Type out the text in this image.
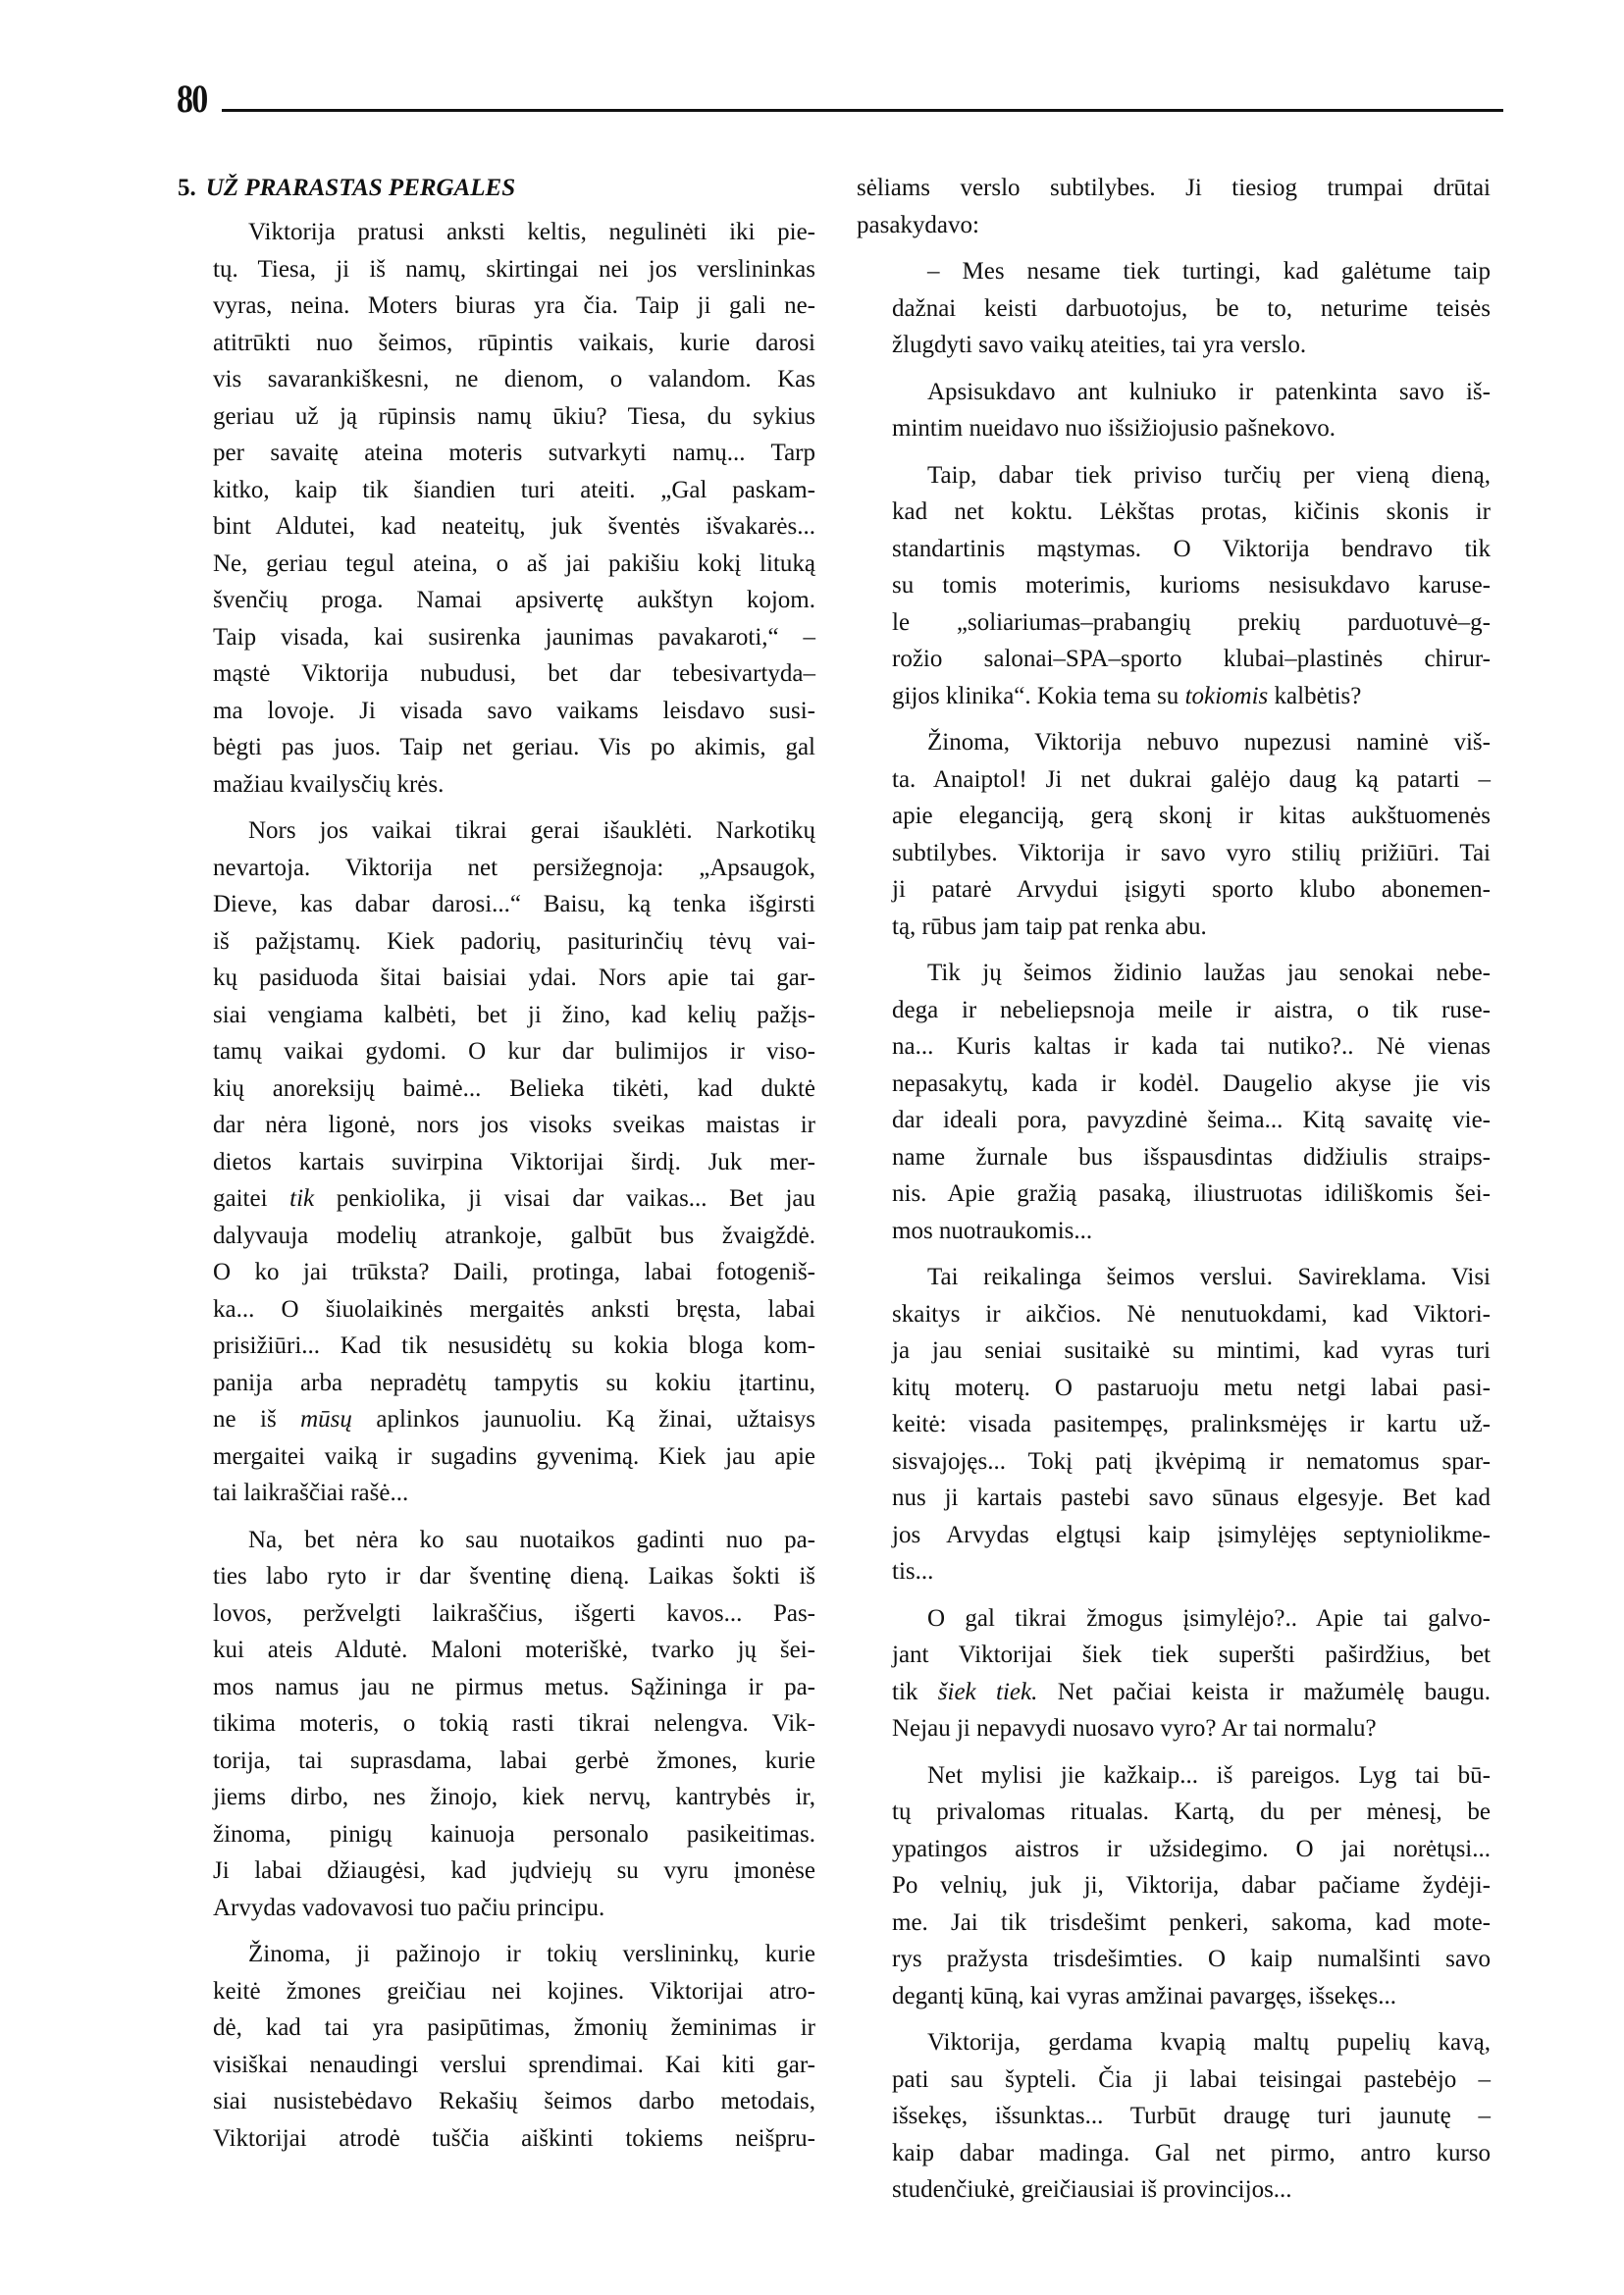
80
5. UŽ PRARASTAS PERGALES

Viktorija pratusi anksti keltis, negulinėti iki pie-
tų. Tiesa, ji iš namų, skirtingai nei jos verslininkas
vyras, neina. Moters biuras yra čia. Taip ji gali ne-
atitrūkti nuo šeimos, rūpintis vaikais, kurie darosi
vis savarankiškesni, ne dienom, o valandom. Kas
geriau už ją rūpinsis namų ūkiu? Tiesa, du sykius
per savaitę ateina moteris sutvarkyti namų... Tarp
kitko, kaip tik šiandien turi ateiti. „Gal paskam-
bint Aldutei, kad neateitų, juk šventės išvakarės...
Ne, geriau tegul ateina, o aš jai pakišiu kokį lituką
švenčių proga. Namai apsivertę aukštyn kojom.
Taip visada, kai susirenka jaunimas pavakaroti,“ –
mąstė Viktorija nubudusi, bet dar tebesivartyda–
ma lovoje. Ji visada savo vaikams leisdavo susi-
bėgti pas juos. Taip net geriau. Vis po akimis, gal
mažiau kvailysčių krės.

Nors jos vaikai tikrai gerai išauklėti. Narkotikų
nevartoja. Viktorija net persižegnoja: „Apsaugok,
Dieve, kas dabar darosi...“ Baisu, ką tenka išgirsti
iš pažįstamų. Kiek padorių, pasiturinčių tėvų vai-
kų pasiduoda šitai baisiai ydai. Nors apie tai gar-
siai vengiama kalbėti, bet ji žino, kad kelių pažįs-
tamų vaikai gydomi. O kur dar bulimijos ir viso-
kių anoreksijų baimė... Belieka tikėti, kad duktė
dar nėra ligonė, nors jos visoks sveikas maistas ir
dietos kartais suvirpina Viktorijai širdį. Juk mer-
gaitei tik penkiolika, ji visai dar vaikas... Bet jau
dalyvauja modelių atrankoje, galbūt bus žvaigždė.
O ko jai trūksta? Daili, protinga, labai fotogeniš-
ka... O šiuolaikinės mergaitės anksti bręsta, labai
prisižiūri... Kad tik nesusidėtų su kokia bloga kom-
panija arba nepradėtų tampytis su kokiu įtartinu,
ne iš mūsų aplinkos jaunuoliu. Ką žinai, užtaisys
mergaitei vaiką ir sugadins gyvenimą. Kiek jau apie
tai laikraščiai rašė...

Na, bet nėra ko sau nuotaikos gadinti nuo pa-
ties labo ryto ir dar šventinę dieną. Laikas šokti iš
lovos, peržvelgti laikraščius, išgerti kavos... Pas-
kui ateis Aldutė. Maloni moteriškė, tvarko jų šei-
mos namus jau ne pirmus metus. Sąžininga ir pa-
tikima moteris, o tokią rasti tikrai nelengva. Vik-
torija, tai suprasdama, labai gerbė žmones, kurie
jiems dirbo, nes žinojo, kiek nervų, kantrybės ir,
žinoma, pinigų kainuoja personalo pasikeitimas.
Ji labai džiaugėsi, kad jųdviejų su vyru įmonėse
Arvydas vadovavosi tuo pačiu principu.

Žinoma, ji pažinojo ir tokių verslininkų, kurie
keitė žmones greičiau nei kojines. Viktorijai atro-
dė, kad tai yra pasipūtimas, žmonių žeminimas ir
visiškai nenaudingi verslui sprendimai. Kai kiti gar-
siai nusistebėdavo Rekašių šeimos darbo metodais,
Viktorijai atrodė tuščia aiškinti tokiems neišpru-

sėliams verslo subtilybes. Ji tiesiog trumpai drūtai
pasakydavo:

– Mes nesame tiek turtingi, kad galėtume taip
dažnai keisti darbuotojus, be to, neturime teisės
žlugdyti savo vaikų ateities, tai yra verslo.

Apsisukdavo ant kulniuko ir patenkinta savo iš-
mintim nueidavo nuo išsižiojusio pašnekovo.

Taip, dabar tiek priviso turčių per vieną dieną,
kad net koktu. Lėkštas protas, kičinis skonis ir
standartinis mąstymas. O Viktorija bendravo tik
su tomis moterimis, kurioms nesisukdavo karuse-
le „soliariumas–prabangių prekių parduotuvė–g-
rožio salonai–SPA–sporto klubai–plastinės chirur-
gijos klinika“. Kokia tema su tokiomis kalbėtis?

Žinoma, Viktorija nebuvo nupezusi naminė viš-
ta. Anaiptol! Ji net dukrai galėjo daug ką patarti –
apie eleganciją, gerą skonį ir kitas aukštuomenės
subtilybes. Viktorija ir savo vyro stilių prižiūri. Tai
ji patarė Arvydui įsigyti sporto klubo abonemen-
tą, rūbus jam taip pat renka abu.

Tik jų šeimos židinio laužas jau senokai nebe-
dega ir nebeliepsnoja meile ir aistra, o tik ruse-
na... Kuris kaltas ir kada tai nutiko?.. Nė vienas
nepasakytų, kada ir kodėl. Daugelio akyse jie vis
dar ideali pora, pavyzdinė šeima... Kitą savaitę vie-
name žurnale bus išspausdintas didžiulis straips-
nis. Apie gražią pasaką, iliustruotas idiliškomis šei-
mos nuotraukomis...

Tai reikalinga šeimos verslui. Savireklama. Visi
skaitys ir aikčios. Nė nenutuokdami, kad Viktori-
ja jau seniai susitaikė su mintimi, kad vyras turi
kitų moterų. O pastaruoju metu netgi labai pasi-
keitė: visada pasitempęs, pralinksmėjęs ir kartu už-
sisvajojęs... Tokį patį įkvėpimą ir nematomus spar-
nus ji kartais pastebi savo sūnaus elgesyje. Bet kad
jos Arvydas elgtųsi kaip įsimylėjęs septyniolikme-
tis...

O gal tikrai žmogus įsimylėjo?.. Apie tai galvo-
jant Viktorijai šiek tiek superšti paširdžius, bet
tik šiek tiek. Net pačiai keista ir mažumėlę baugu.
Nejau ji nepavydi nuosavo vyro? Ar tai normalu?

Net mylisi jie kažkaip... iš pareigos. Lyg tai bū-
tų privalomas ritualas. Kartą, du per mėnesį, be
ypatingos aistros ir užsidegimo. O jai norėtųsi...
Po velnių, juk ji, Viktorija, dabar pačiame žydėji-
me. Jai tik trisdešimt penkeri, sakoma, kad mote-
rys pražysta trisdešimties. O kaip numalšinti savo
degantį kūną, kai vyras amžinai pavargęs, išsekęs...

Viktorija, gerdama kvapią maltų pupelių kavą,
pati sau šypteli. Čia ji labai teisingai pastebėjo –
išsekęs, išsunktas... Turbūt draugę turi jaunutę –
kaip dabar madinga. Gal net pirmo, antro kurso
studenčiukė, greičiausiai iš provincijos...
